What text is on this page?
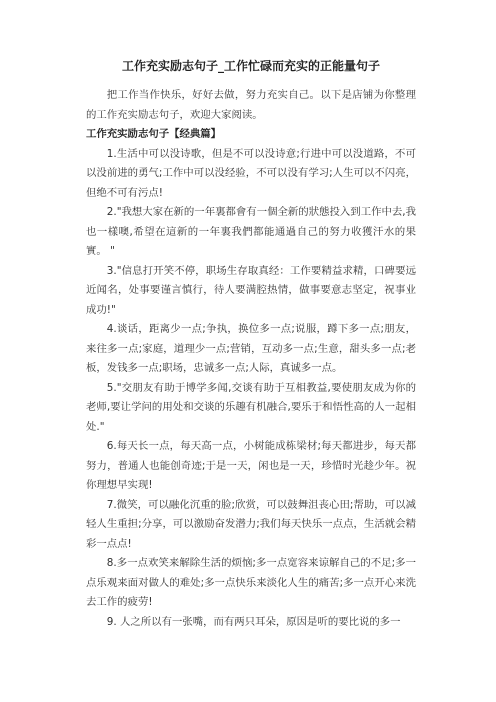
工作充实励志句子_工作忙碌而充实的正能量句子

把工作当作快乐，好好去做，努力充实自己。以下是店铺为你整理的工作充实励志句子，欢迎大家阅读。

工作充实励志句子【经典篇】

1.生活中可以没诗歌，但是不可以没诗意;行进中可以没道路，不可以没前进的勇气;工作中可以没经验，不可以没有学习;人生可以不闪亮，但绝不可有污点!

2."我想大家在新的一年裏都會有一個全新的狀態投入到工作中去,我也一樣噢,希望在這新的一年裏我們都能通過自己的努力收獲汗水的果實。 "

3."信息打开笑不停，职场生存取真经：工作要精益求精，口碑要远近闻名，处事要谨言慎行，待人要满腔热情，做事要意志坚定，祝事业成功!"

4.谈话，距离少一点;争执，换位多一点;说服，蹲下多一点;朋友，来往多一点;家庭，道理少一点;营销，互动多一点;生意，甜头多一点;老板，发钱多一点;职场，忠诚多一点;人际，真诚多一点。

5."交朋友有助于博学多闻,交谈有助于互相教益,要使朋友成为你的老师,要让学问的用处和交谈的乐趣有机融合,要乐于和悟性高的人一起相处."

6.每天长一点，每天高一点，小树能成栋梁材;每天都进步，每天都努力，普通人也能创奇迹;于是一天，闲也是一天，珍惜时光趁少年。祝你理想早实现!

7.微笑，可以融化沉重的脸;欣赏，可以鼓舞沮丧心田;帮助，可以减轻人生重担;分享，可以激励奋发潜力;我们每天快乐一点点，生活就会精彩一点点!

8.多一点欢笑来解除生活的烦恼;多一点宽容来谅解自己的不足;多一点乐观来面对做人的难处;多一点快乐来淡化人生的痛苦;多一点开心来洗去工作的疲劳!

9. 人之所以有一张嘴，而有两只耳朵，原因是听的要比说的多一
